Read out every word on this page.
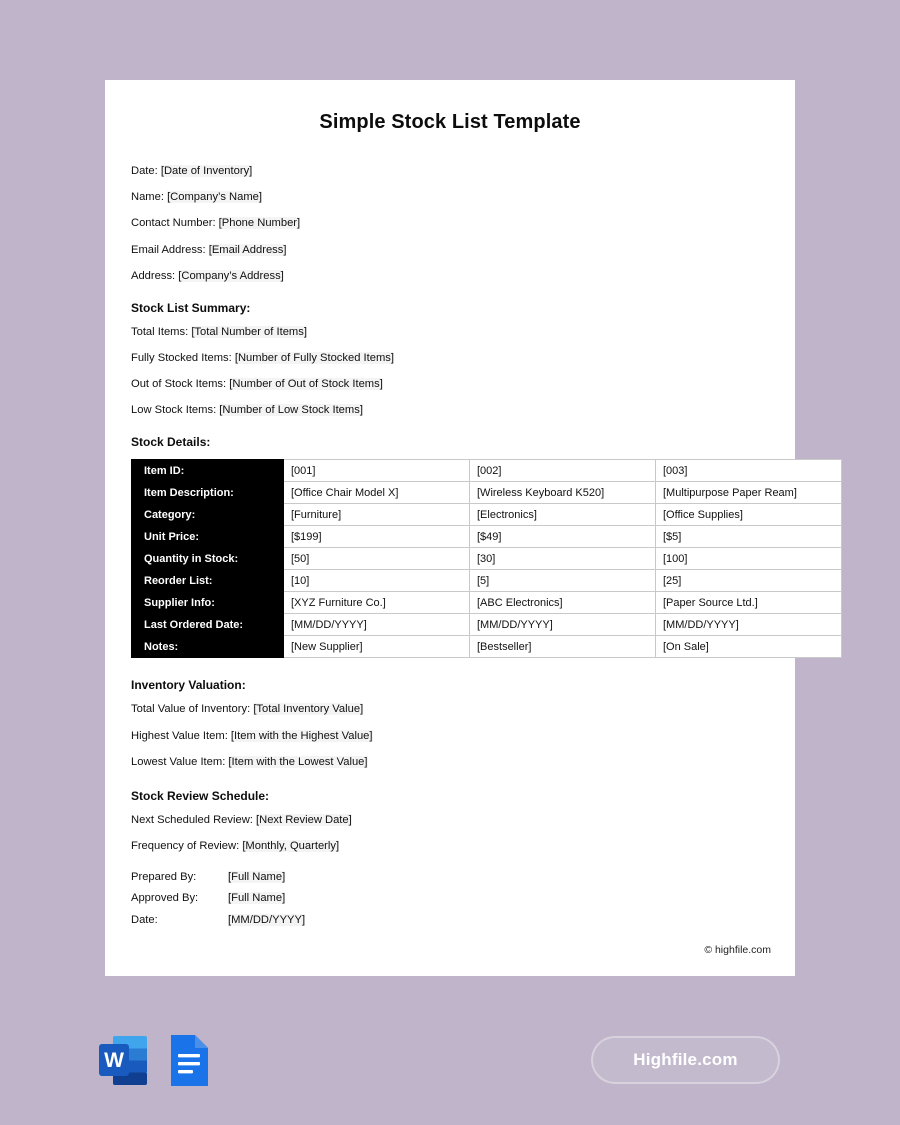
Simple Stock List Template
Date: [Date of Inventory]
Name: [Company’s Name]
Contact Number: [Phone Number]
Email Address: [Email Address]
Address: [Company’s Address]
Stock List Summary:
Total Items: [Total Number of Items]
Fully Stocked Items: [Number of Fully Stocked Items]
Out of Stock Items: [Number of Out of Stock Items]
Low Stock Items: [Number of Low Stock Items]
Stock Details:
Item ID:	[001]	[002]	[003]
Item Description:	[Office Chair Model X]	[Wireless Keyboard K520]	[Multipurpose Paper Ream]
Category:	[Furniture]	[Electronics]	[Office Supplies]
Unit Price:	[$199]	[$49]	[$5]
Quantity in Stock:	[50]	[30]	[100]
Reorder List:	[10]	[5]	[25]
Supplier Info:	[XYZ Furniture Co.]	[ABC Electronics]	[Paper Source Ltd.]
Last Ordered Date:	[MM/DD/YYYY]	[MM/DD/YYYY]	[MM/DD/YYYY]
Notes:	[New Supplier]	[Bestseller]	[On Sale]
Inventory Valuation:
Total Value of Inventory: [Total Inventory Value]
Highest Value Item: [Item with the Highest Value]
Lowest Value Item: [Item with the Lowest Value]
Stock Review Schedule:
Next Scheduled Review: [Next Review Date]
Frequency of Review: [Monthly, Quarterly]
Prepared By:	[Full Name]
Approved By:	[Full Name]
Date:	[MM/DD/YYYY]
© highfile.com
W	Highfile.com
